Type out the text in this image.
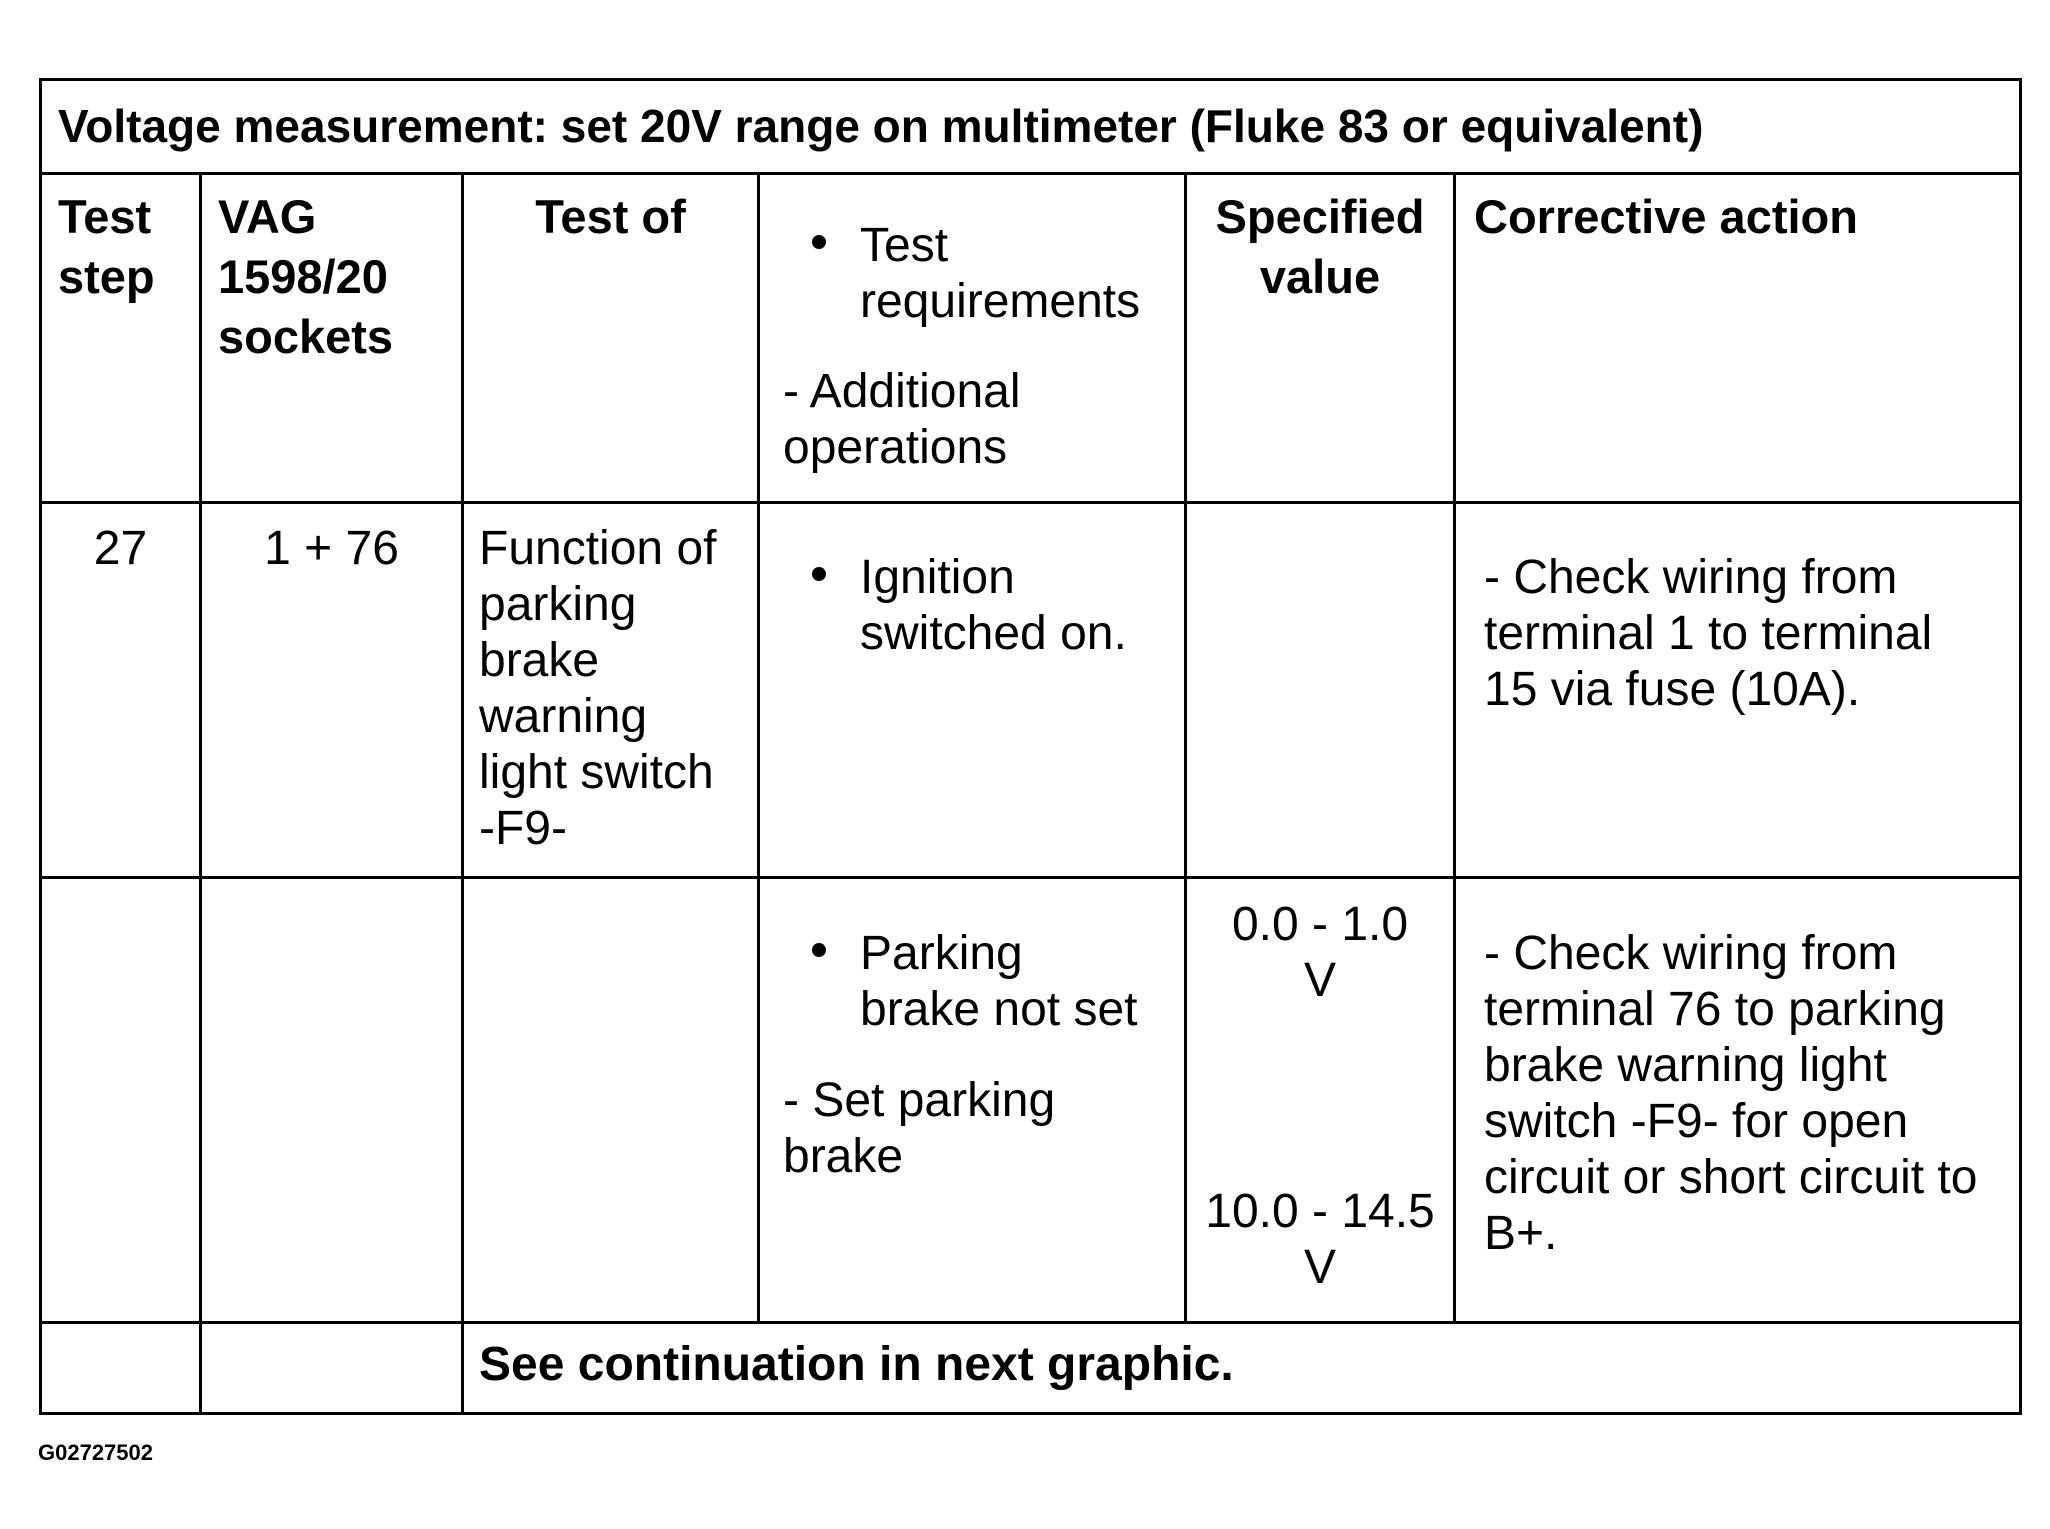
Voltage measurement: set 20V range on multimeter (Fluke 83 or equivalent)
Test
step
VAG
1598/20
sockets
Test of
Test
requirements
- Additional
operations
Specified
value
Corrective action
27	1 + 76	Function of
parking
brake
warning
light switch
-F9-
Ignition
switched on.
- Check wiring from
terminal 1 to terminal
15 via fuse (10A).
Parking
brake not set
- Set parking
brake
0.0 - 1.0
V
10.0 - 14.5
V
- Check wiring from
terminal 76 to parking
brake warning light
switch -F9- for open
circuit or short circuit to
B+.
See continuation in next graphic.
G02727502
